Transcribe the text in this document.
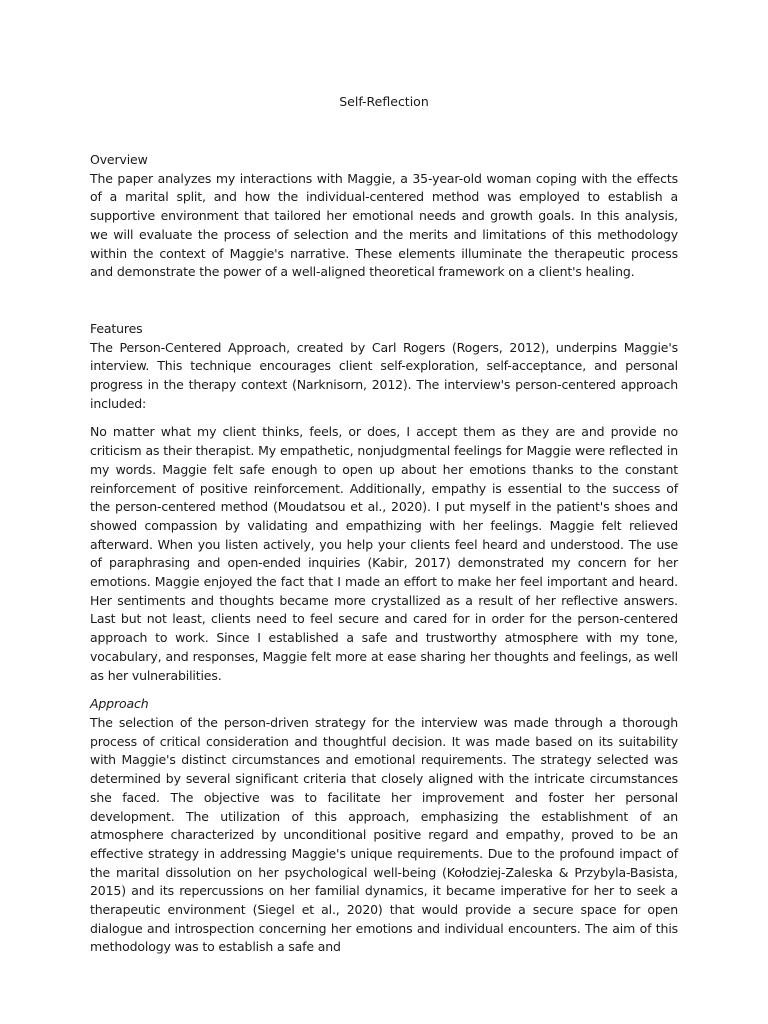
Self-Reflection

Overview

The paper analyzes my interactions with Maggie, a 35-year-old woman coping with the effects of a marital split, and how the individual-centered method was employed to establish a supportive environment that tailored her emotional needs and growth goals. In this analysis, we will evaluate the process of selection and the merits and limitations of this methodology within the context of Maggie's narrative. These elements illuminate the therapeutic process and demonstrate the power of a well-aligned theoretical framework on a client's healing.

Features

The Person-Centered Approach, created by Carl Rogers (Rogers, 2012), underpins Maggie's interview. This technique encourages client self-exploration, self-acceptance, and personal progress in the therapy context (Narknisorn, 2012). The interview's person-centered approach included:

No matter what my client thinks, feels, or does, I accept them as they are and provide no criticism as their therapist. My empathetic, nonjudgmental feelings for Maggie were reflected in my words. Maggie felt safe enough to open up about her emotions thanks to the constant reinforcement of positive reinforcement. Additionally, empathy is essential to the success of the person-centered method (Moudatsou et al., 2020). I put myself in the patient's shoes and showed compassion by validating and empathizing with her feelings. Maggie felt relieved afterward. When you listen actively, you help your clients feel heard and understood. The use of paraphrasing and open-ended inquiries (Kabir, 2017) demonstrated my concern for her emotions. Maggie enjoyed the fact that I made an effort to make her feel important and heard. Her sentiments and thoughts became more crystallized as a result of her reflective answers. Last but not least, clients need to feel secure and cared for in order for the person-centered approach to work. Since I established a safe and trustworthy atmosphere with my tone, vocabulary, and responses, Maggie felt more at ease sharing her thoughts and feelings, as well as her vulnerabilities.

Approach

The selection of the person-driven strategy for the interview was made through a thorough process of critical consideration and thoughtful decision. It was made based on its suitability with Maggie's distinct circumstances and emotional requirements. The strategy selected was determined by several significant criteria that closely aligned with the intricate circumstances she faced. The objective was to facilitate her improvement and foster her personal development. The utilization of this approach, emphasizing the establishment of an atmosphere characterized by unconditional positive regard and empathy, proved to be an effective strategy in addressing Maggie's unique requirements. Due to the profound impact of the marital dissolution on her psychological well-being (Kołodziej-Zaleska & Przybyla-Basista, 2015) and its repercussions on her familial dynamics, it became imperative for her to seek a therapeutic environment (Siegel et al., 2020) that would provide a secure space for open dialogue and introspection concerning her emotions and individual encounters. The aim of this methodology was to establish a safe and
